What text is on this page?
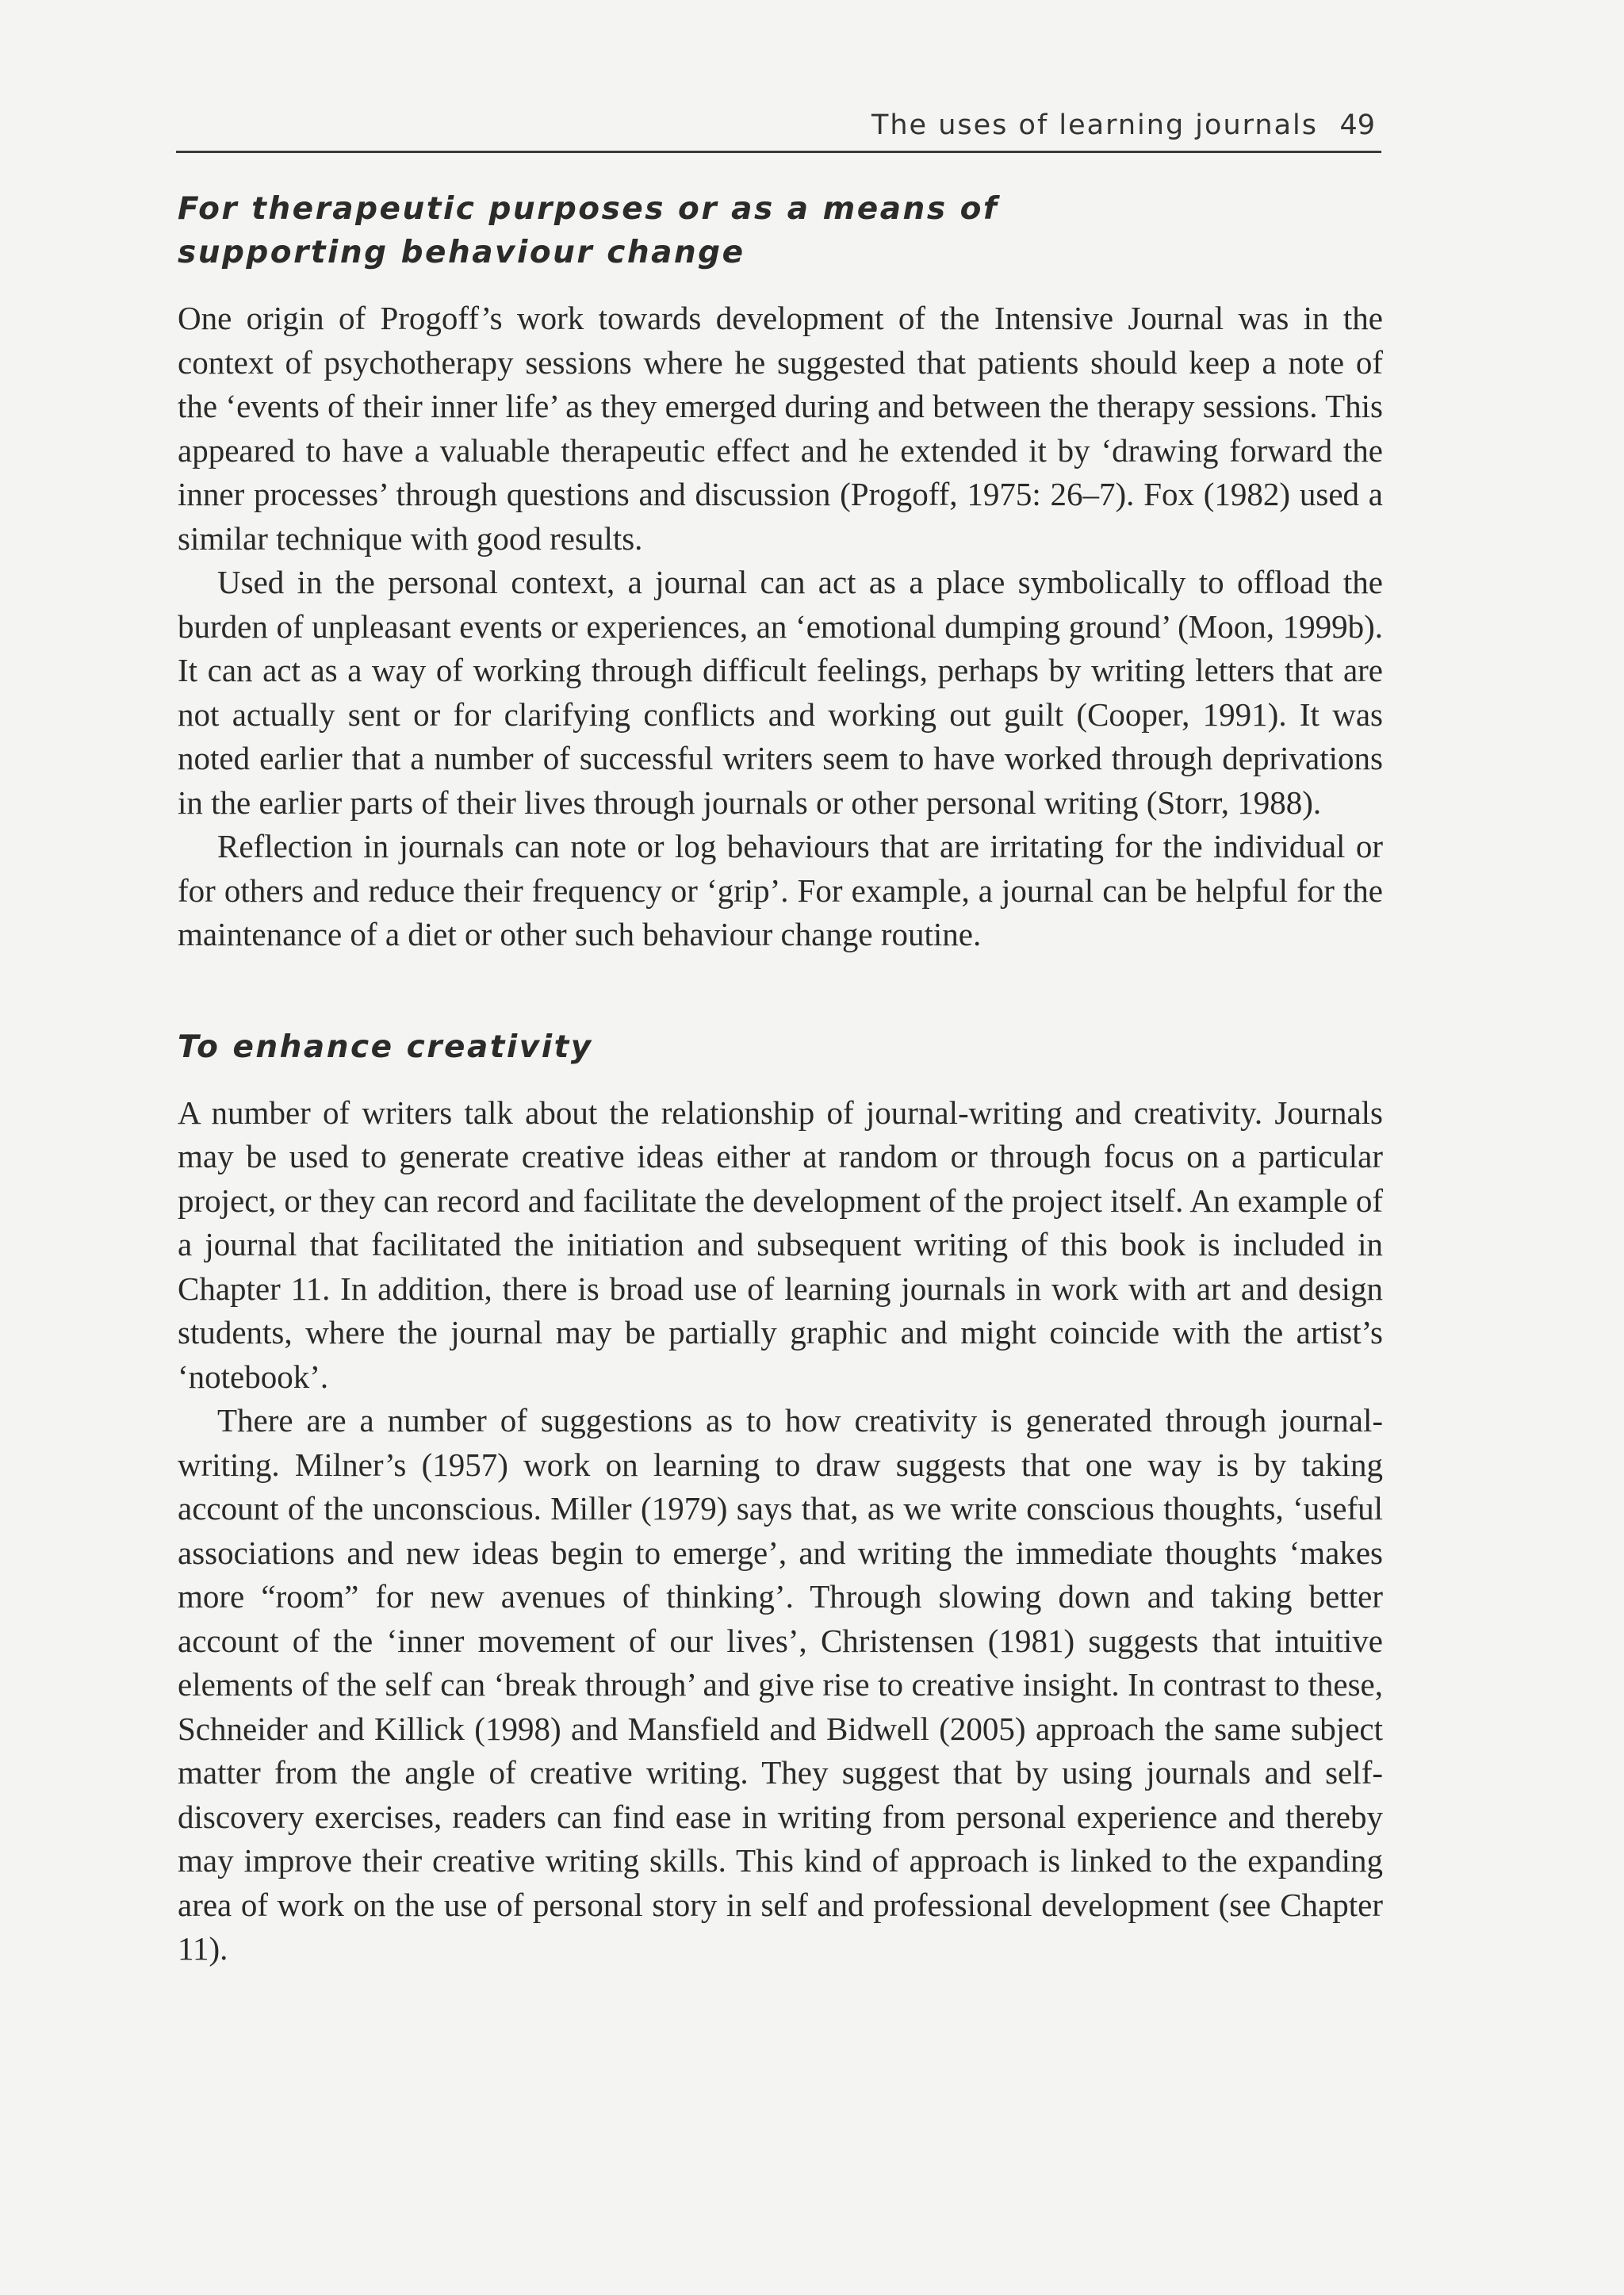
The uses of learning journals 49
For therapeutic purposes or as a means of supporting behaviour change

One origin of Progoff’s work towards development of the Intensive Journal was in the context of psychotherapy sessions where he suggested that patients should keep a note of the ‘events of their inner life’ as they emerged during and between the therapy sessions. This appeared to have a valuable therapeutic effect and he extended it by ‘drawing forward the inner processes’ through questions and discussion (Progoff, 1975: 26–7). Fox (1982) used a similar technique with good results.

Used in the personal context, a journal can act as a place symbolically to offload the burden of unpleasant events or experiences, an ‘emotional dumping ground’ (Moon, 1999b). It can act as a way of working through difficult feelings, perhaps by writing letters that are not actually sent or for clarifying conflicts and working out guilt (Cooper, 1991). It was noted earlier that a number of successful writers seem to have worked through deprivations in the earlier parts of their lives through journals or other personal writing (Storr, 1988).

Reflection in journals can note or log behaviours that are irritating for the individual or for others and reduce their frequency or ‘grip’. For example, a journal can be helpful for the maintenance of a diet or other such behaviour change routine.

To enhance creativity

A number of writers talk about the relationship of journal-writing and creativity. Journals may be used to generate creative ideas either at random or through focus on a particular project, or they can record and facilitate the development of the project itself. An example of a journal that facilitated the initiation and subsequent writing of this book is included in Chapter 11. In addition, there is broad use of learning journals in work with art and design students, where the journal may be partially graphic and might coincide with the artist’s ‘notebook’.

There are a number of suggestions as to how creativity is generated through journal-writing. Milner’s (1957) work on learning to draw suggests that one way is by taking account of the unconscious. Miller (1979) says that, as we write conscious thoughts, ‘useful associations and new ideas begin to emerge’, and writing the immediate thoughts ‘makes more “room” for new avenues of thinking’. Through slowing down and taking better account of the ‘inner movement of our lives’, Christensen (1981) suggests that intuitive elements of the self can ‘break through’ and give rise to creative insight. In contrast to these, Schneider and Killick (1998) and Mansfield and Bidwell (2005) approach the same subject matter from the angle of creative writing. They suggest that by using journals and self-discovery exercises, readers can find ease in writing from personal experience and thereby may improve their creative writing skills. This kind of approach is linked to the expanding area of work on the use of personal story in self and professional development (see Chapter 11).
